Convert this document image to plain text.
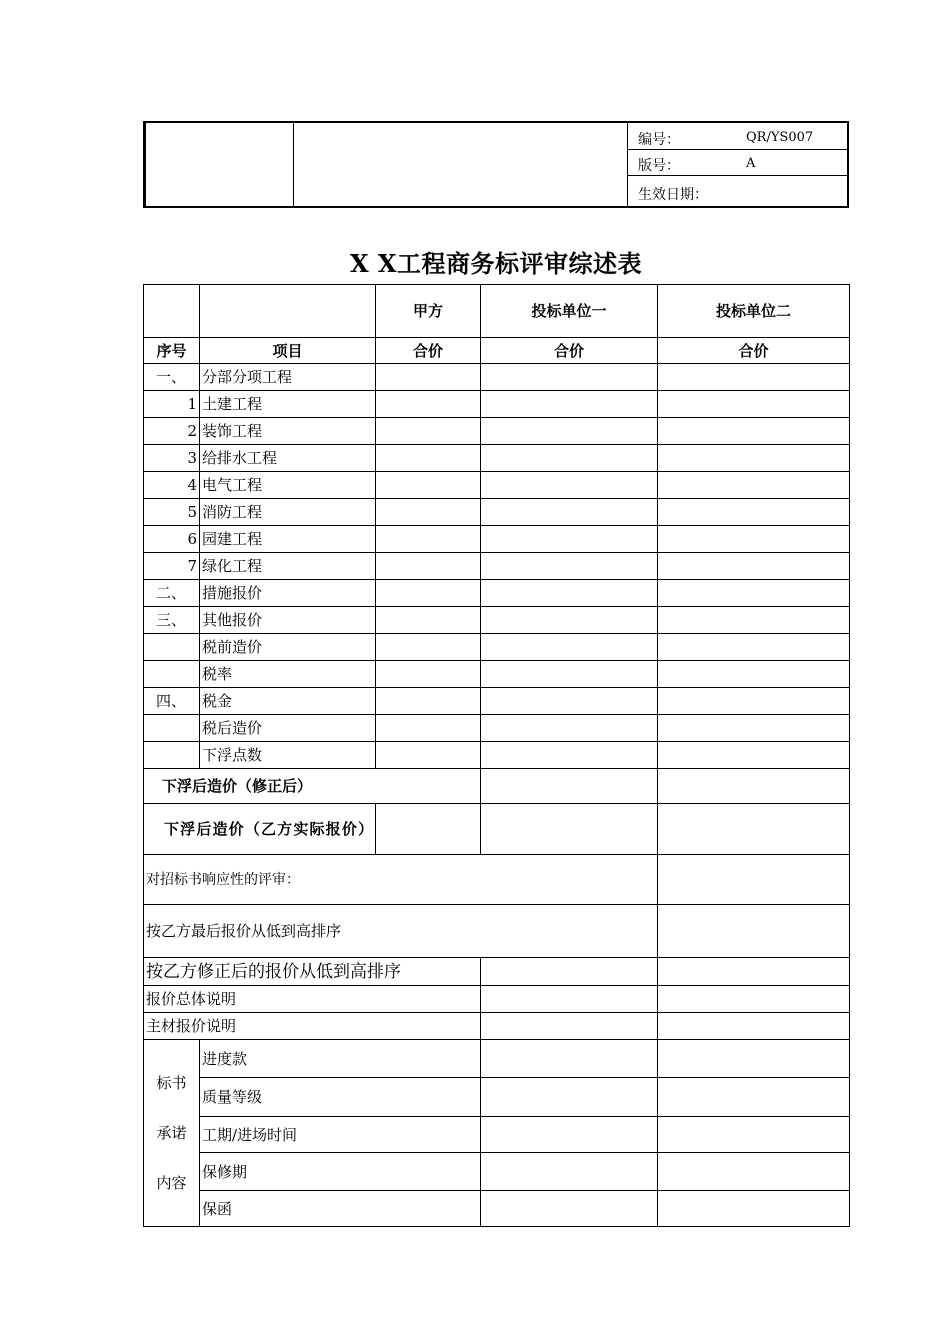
编号：	QR/YS007
版号：	A
生效日期：
X X工程商务标评审综述表
		甲方	投标单位一	投标单位二
序号	项目	合价	合价	合价
一、	分部分项工程			
1	土建工程			
2	装饰工程			
3	给排水工程			
4	电气工程			
5	消防工程			
6	园建工程			
7	绿化工程			
二、	措施报价			
三、	其他报价			
	税前造价			
	税率			
四、	税金			
	税后造价			
	下浮点数			
下浮后造价（修正后）				
下浮后造价（乙方实际报价）				
对招标书响应性的评审：				
按乙方最后报价从低到高排序				
按乙方修正后的报价从低到高排序				
报价总体说明				
主材报价说明				

标书
承诺
内容	进度款			
	质量等级			
	工期/进场时间			
	保修期			
	保函			
